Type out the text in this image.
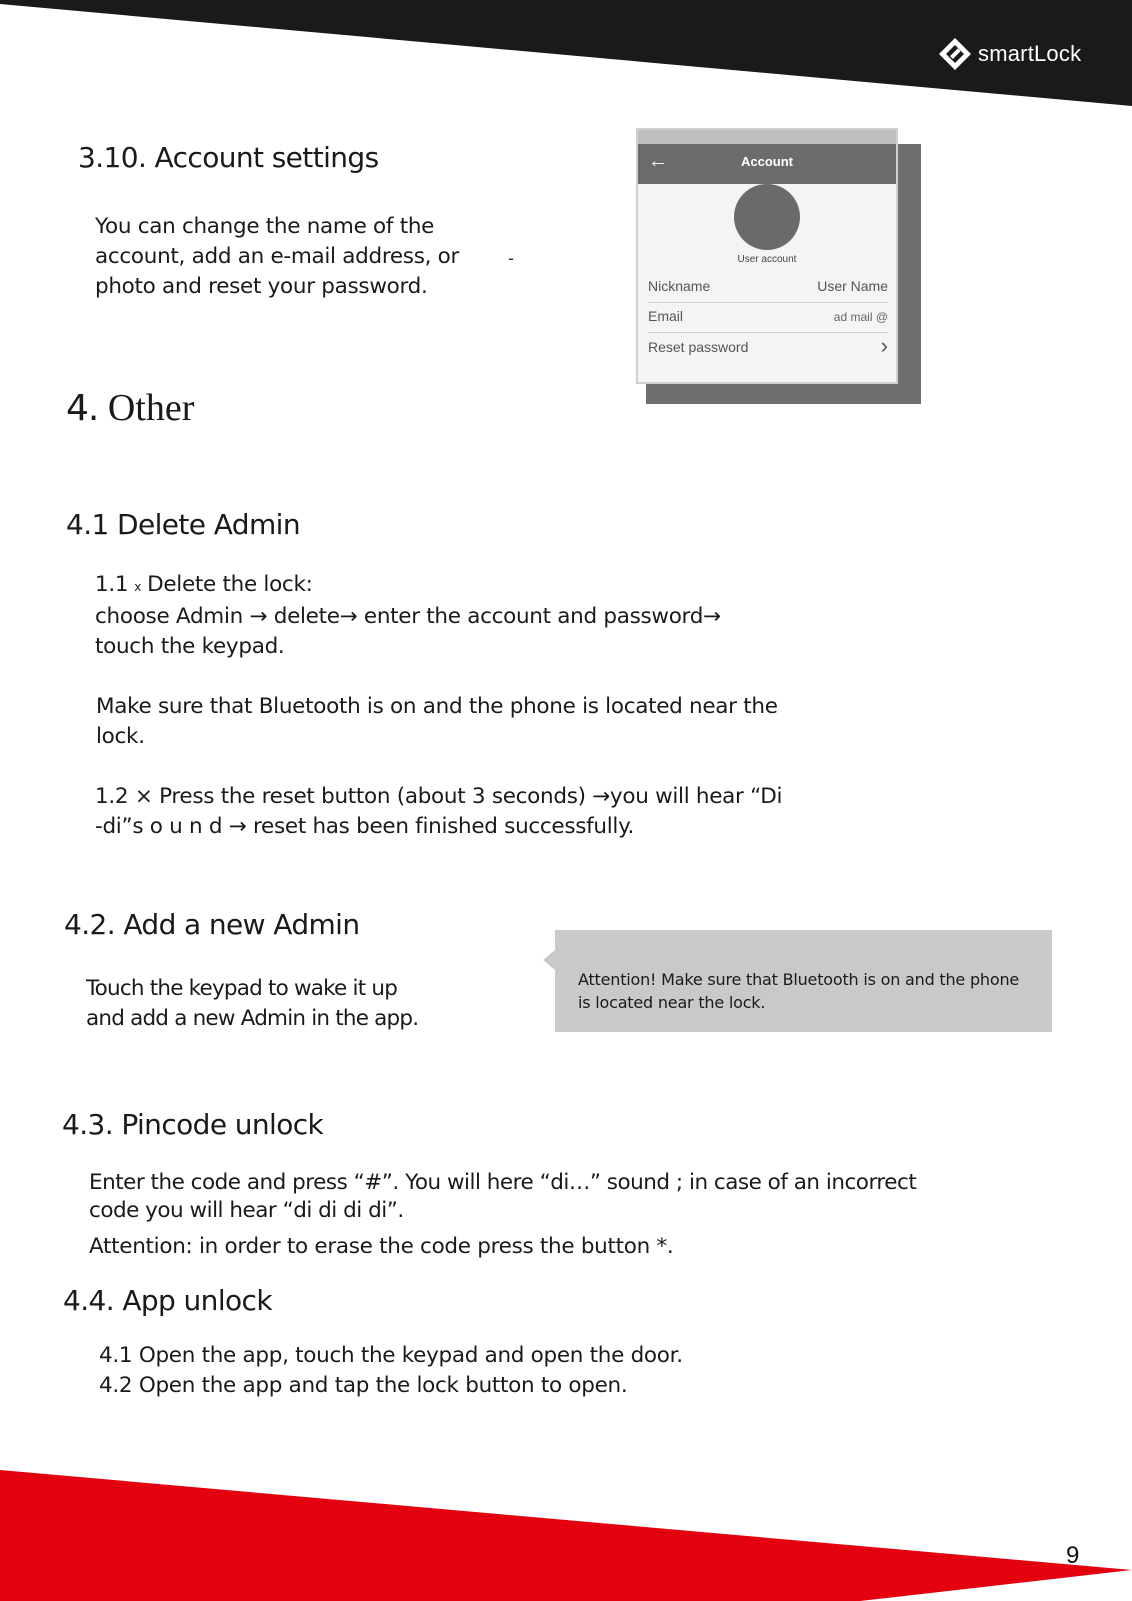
smartLock
3.10. Account settings
You can change the name of the
account, add an e-mail address, or
photo and reset your password.
-
←	Account
User account
Nickname	User Name
Email	ad mail @
Reset password	›
4. Other
4.1 Delete Admin
1.1 x Delete the lock:
choose Admin → delete→ enter the account and password→
touch the keypad.
Make sure that Bluetooth is on and the phone is located near the
lock.
1.2 × Press the reset button (about 3 seconds) →you will hear “Di
-di”s o u n d → reset has been finished successfully.
4.2. Add a new Admin
Touch the keypad to wake it up
and add a new Admin in the app.
Attention! Make sure that Bluetooth is on and the phone is located near the lock.
4.3. Pincode unlock
Enter the code and press “#”. You will here “di…” sound ; in case of an incorrect
code you will hear “di di di di”.
Attention: in order to erase the code press the button *.
4.4. App unlock
4.1 Open the app, touch the keypad and open the door.
4.2 Open the app and tap the lock button to open.
9
